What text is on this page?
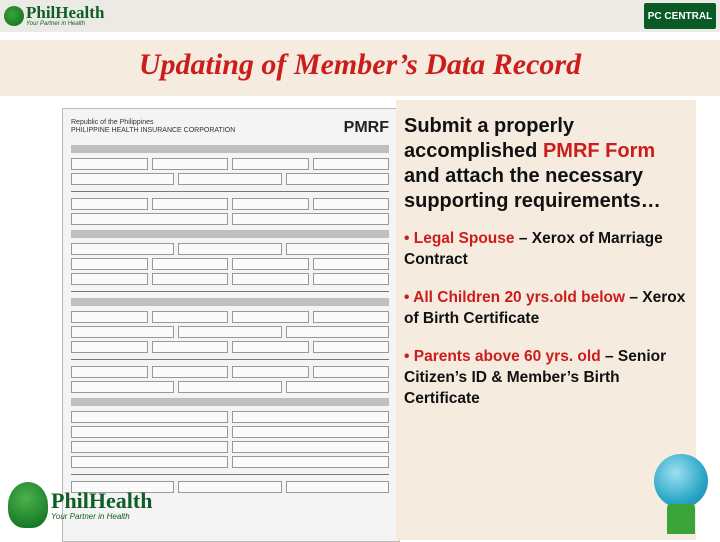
PhilHealth
Your Partner in Health
PC CENTRAL
Updating of Member’s Data Record
Republic of the Philippines
PHILIPPINE HEALTH INSURANCE CORPORATION	PMRF Submit a properly accomplished PMRF Form and attach the necessary supporting requirements…

• Legal Spouse – Xerox of Marriage Contract

• All Children 20 yrs.old below – Xerox of Birth Certificate

• Parents above 60 yrs. old – Senior Citizen’s ID & Member’s Birth Certificate

PhilHealth
Your Partner in Health
